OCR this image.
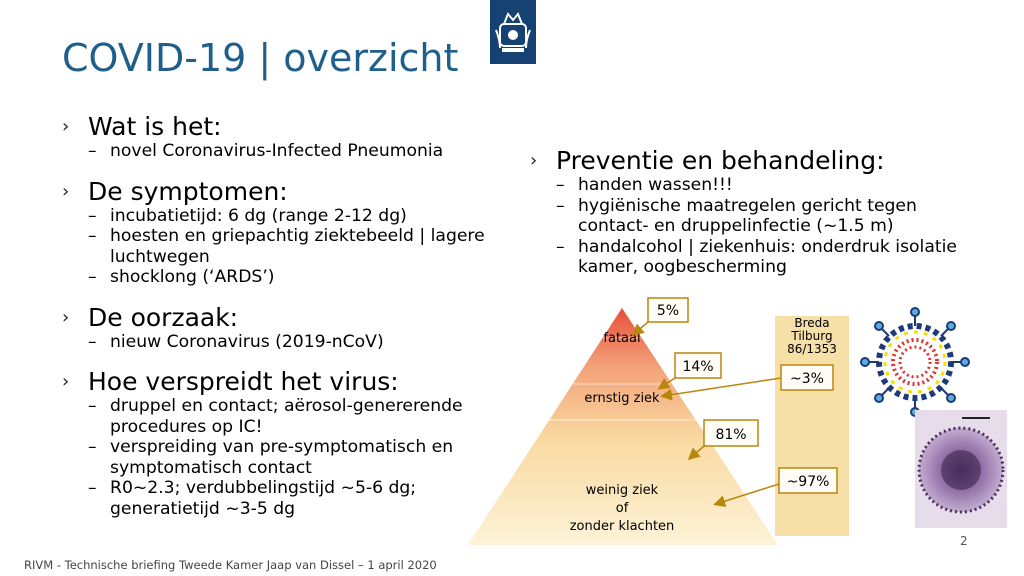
COVID-19 | overzicht
› Wat is het:
– novel Coronavirus-Infected Pneumonia
› De symptomen:
– incubatietijd: 6 dg (range 2-12 dg)
– hoesten en griepachtig ziektebeeld | lagere luchtwegen
– shocklong (‘ARDS’)
› De oorzaak:
– nieuw Coronavirus (2019-nCoV)
› Hoe verspreidt het virus:
– druppel en contact; aërosol-genererende procedures op IC!
– verspreiding van pre-symptomatisch en symptomatisch contact
– R0~2.3; verdubbelingstijd ~5-6 dg; generatietijd ~3-5 dg
› Preventie en behandeling:
– handen wassen!!!
– hygiënische maatregelen gericht tegen contact- en druppelinfectie (~1.5 m)
– handalcohol | ziekenhuis: onderdruk isolatie kamer, oogbescherming
fataal
ernstig ziek
weinig ziek
of
zonder klachten
5%
14%
81%
Breda
Tilburg
86/1353
~3%
~97%
RIVM - Technische briefing Tweede Kamer Jaap van Dissel – 1 april 2020
2
